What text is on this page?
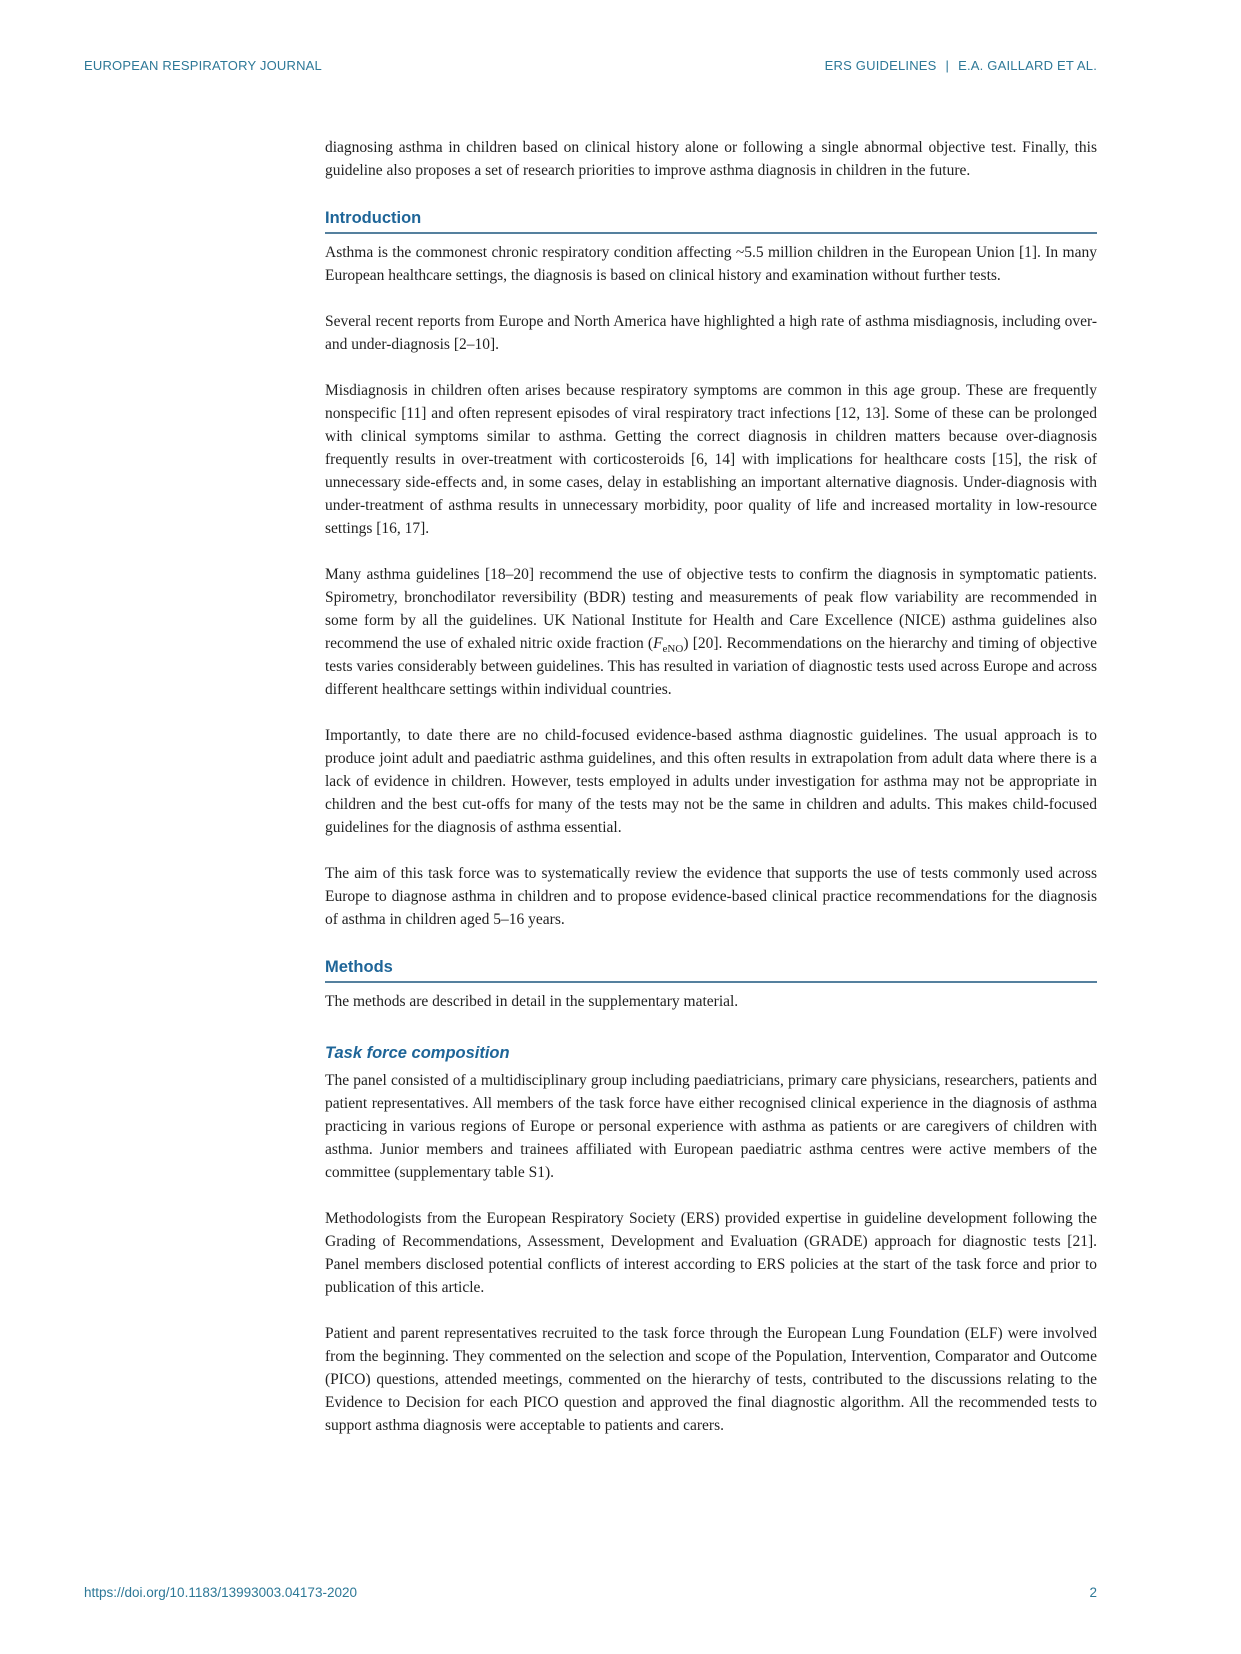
EUROPEAN RESPIRATORY JOURNAL	ERS GUIDELINES | E.A. GAILLARD ET AL.

diagnosing asthma in children based on clinical history alone or following a single abnormal objective test. Finally, this guideline also proposes a set of research priorities to improve asthma diagnosis in children in the future.

Introduction

Asthma is the commonest chronic respiratory condition affecting ~5.5 million children in the European Union [1]. In many European healthcare settings, the diagnosis is based on clinical history and examination without further tests.

Several recent reports from Europe and North America have highlighted a high rate of asthma misdiagnosis, including over- and under-diagnosis [2–10].

Misdiagnosis in children often arises because respiratory symptoms are common in this age group. These are frequently nonspecific [11] and often represent episodes of viral respiratory tract infections [12, 13]. Some of these can be prolonged with clinical symptoms similar to asthma. Getting the correct diagnosis in children matters because over-diagnosis frequently results in over-treatment with corticosteroids [6, 14] with implications for healthcare costs [15], the risk of unnecessary side-effects and, in some cases, delay in establishing an important alternative diagnosis. Under-diagnosis with under-treatment of asthma results in unnecessary morbidity, poor quality of life and increased mortality in low-resource settings [16, 17].

Many asthma guidelines [18–20] recommend the use of objective tests to confirm the diagnosis in symptomatic patients. Spirometry, bronchodilator reversibility (BDR) testing and measurements of peak flow variability are recommended in some form by all the guidelines. UK National Institute for Health and Care Excellence (NICE) asthma guidelines also recommend the use of exhaled nitric oxide fraction $(F_{eNO})$ [20]. Recommendations on the hierarchy and timing of objective tests varies considerably between guidelines. This has resulted in variation of diagnostic tests used across Europe and across different healthcare settings within individual countries.

Importantly, to date there are no child-focused evidence-based asthma diagnostic guidelines. The usual approach is to produce joint adult and paediatric asthma guidelines, and this often results in extrapolation from adult data where there is a lack of evidence in children. However, tests employed in adults under investigation for asthma may not be appropriate in children and the best cut-offs for many of the tests may not be the same in children and adults. This makes child-focused guidelines for the diagnosis of asthma essential.

The aim of this task force was to systematically review the evidence that supports the use of tests commonly used across Europe to diagnose asthma in children and to propose evidence-based clinical practice recommendations for the diagnosis of asthma in children aged 5–16 years.

Methods

The methods are described in detail in the supplementary material.

Task force composition

The panel consisted of a multidisciplinary group including paediatricians, primary care physicians, researchers, patients and patient representatives. All members of the task force have either recognised clinical experience in the diagnosis of asthma practicing in various regions of Europe or personal experience with asthma as patients or are caregivers of children with asthma. Junior members and trainees affiliated with European paediatric asthma centres were active members of the committee (supplementary table S1).

Methodologists from the European Respiratory Society (ERS) provided expertise in guideline development following the Grading of Recommendations, Assessment, Development and Evaluation (GRADE) approach for diagnostic tests [21]. Panel members disclosed potential conflicts of interest according to ERS policies at the start of the task force and prior to publication of this article.

Patient and parent representatives recruited to the task force through the European Lung Foundation (ELF) were involved from the beginning. They commented on the selection and scope of the Population, Intervention, Comparator and Outcome (PICO) questions, attended meetings, commented on the hierarchy of tests, contributed to the discussions relating to the Evidence to Decision for each PICO question and approved the final diagnostic algorithm. All the recommended tests to support asthma diagnosis were acceptable to patients and carers.

https://doi.org/10.1183/13993003.04173-2020	2
